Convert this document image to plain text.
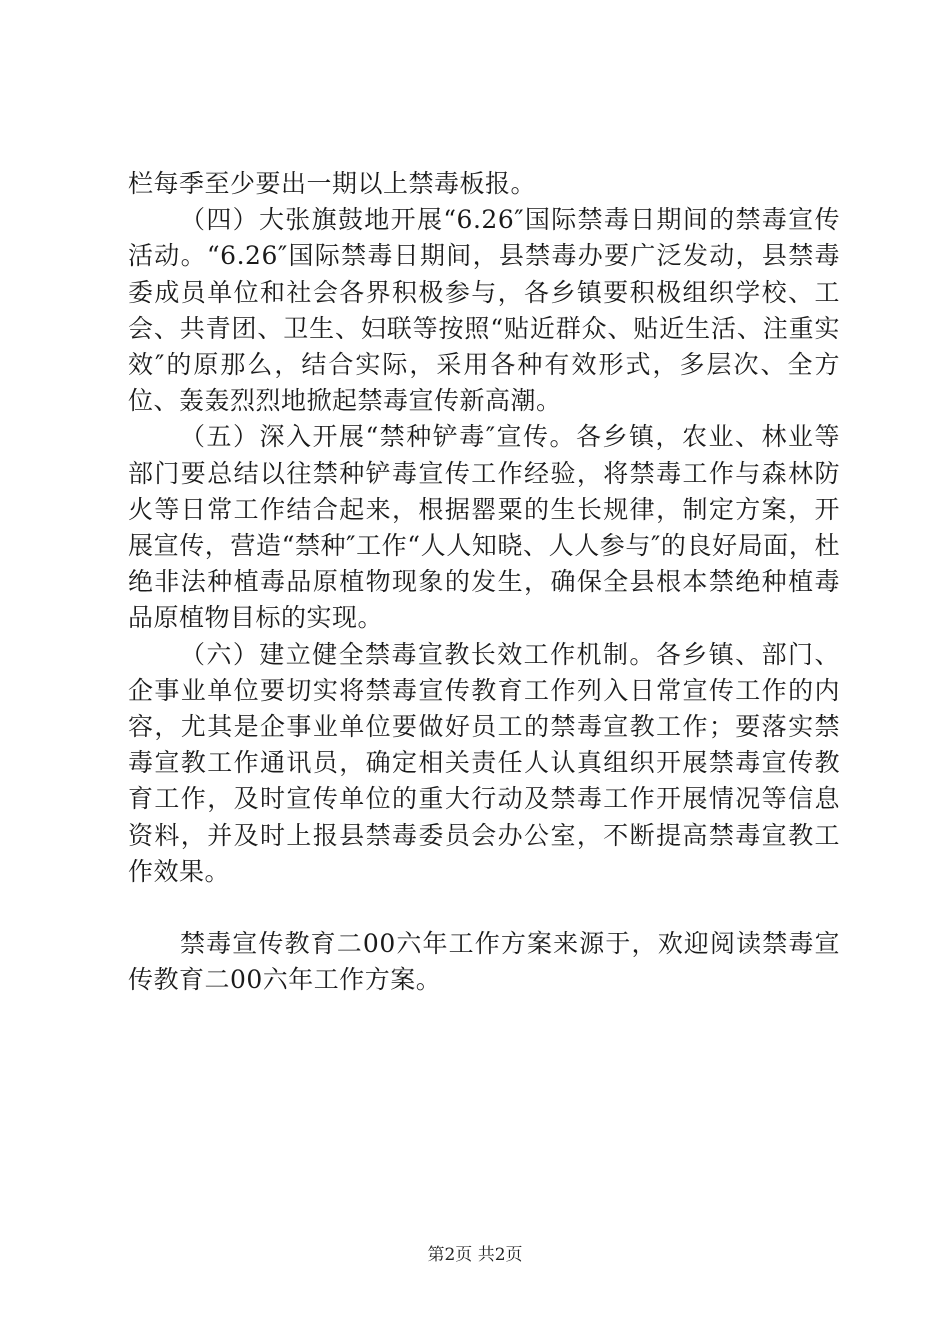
栏每季至少要出一期以上禁毒板报。

（四）大张旗鼓地开展“6.26″国际禁毒日期间的禁毒宣传活动。“6.26″国际禁毒日期间，县禁毒办要广泛发动，县禁毒委成员单位和社会各界积极参与，各乡镇要积极组织学校、工会、共青团、卫生、妇联等按照“贴近群众、贴近生活、注重实效″的原那么，结合实际，采用各种有效形式，多层次、全方位、轰轰烈烈地掀起禁毒宣传新高潮。

（五）深入开展“禁种铲毒″宣传。各乡镇，农业、林业等部门要总结以往禁种铲毒宣传工作经验，将禁毒工作与森林防火等日常工作结合起来，根据罂粟的生长规律，制定方案，开展宣传，营造“禁种″工作“人人知晓、人人参与″的良好局面，杜绝非法种植毒品原植物现象的发生，确保全县根本禁绝种植毒品原植物目标的实现。

（六）建立健全禁毒宣教长效工作机制。各乡镇、部门、企事业单位要切实将禁毒宣传教育工作列入日常宣传工作的内容，尤其是企事业单位要做好员工的禁毒宣教工作；要落实禁毒宣教工作通讯员，确定相关责任人认真组织开展禁毒宣传教育工作，及时宣传单位的重大行动及禁毒工作开展情况等信息资料，并及时上报县禁毒委员会办公室，不断提高禁毒宣教工作效果。

禁毒宣传教育二00六年工作方案来源于，欢迎阅读禁毒宣传教育二00六年工作方案。

第2页 共2页
